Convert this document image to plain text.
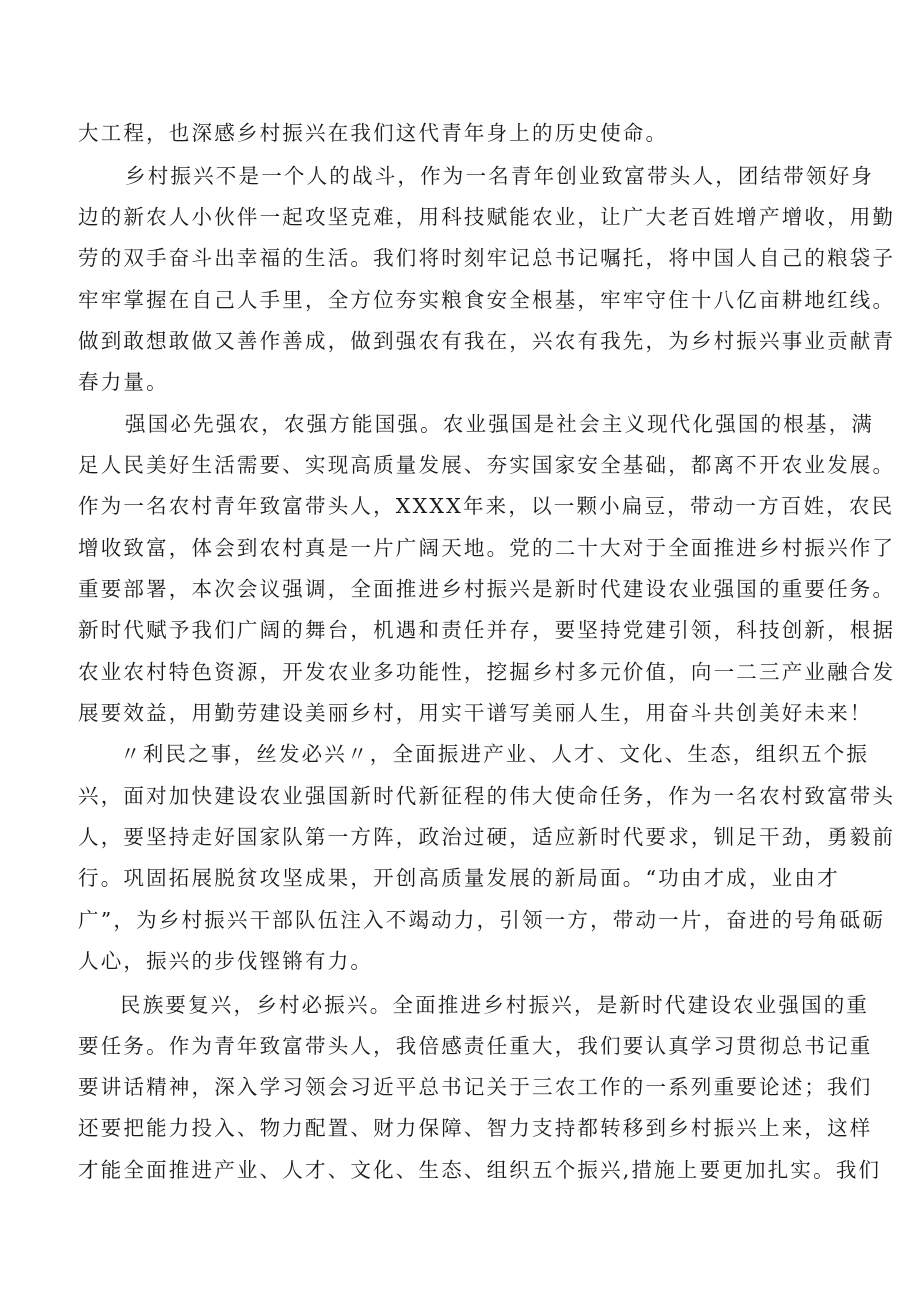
大工程，也深感乡村振兴在我们这代青年身上的历史使命。
乡村振兴不是一个人的战斗，作为一名青年创业致富带头人，团结带领好身
边的新农人小伙伴一起攻坚克难，用科技赋能农业，让广大老百姓增产增收，用勤
劳的双手奋斗出幸福的生活。我们将时刻牢记总书记嘱托，将中国人自己的粮袋子
牢牢掌握在自己人手里，全方位夯实粮食安全根基，牢牢守住十八亿亩耕地红线。
做到敢想敢做又善作善成，做到强农有我在，兴农有我先，为乡村振兴事业贡献青
春力量。
强国必先强农，农强方能国强。农业强国是社会主义现代化强国的根基，满
足人民美好生活需要、实现高质量发展、夯实国家安全基础，都离不开农业发展。
作为一名农村青年致富带头人，XXXX年来，以一颗小扁豆，带动一方百姓，农民
增收致富，体会到农村真是一片广阔天地。党的二十大对于全面推进乡村振兴作了
重要部署，本次会议强调，全面推进乡村振兴是新时代建设农业强国的重要任务。
新时代赋予我们广阔的舞台，机遇和责任并存，要坚持党建引领，科技创新，根据
农业农村特色资源，开发农业多功能性，挖掘乡村多元价值，向一二三产业融合发
展要效益，用勤劳建设美丽乡村，用实干谱写美丽人生，用奋斗共创美好未来！
〃利民之事，丝发必兴〃，全面振进产业、人才、文化、生态，组织五个振
兴，面对加快建设农业强国新时代新征程的伟大使命任务，作为一名农村致富带头
人，要坚持走好国家队第一方阵，政治过硬，适应新时代要求，钏足干劲，勇毅前
行。巩固拓展脱贫攻坚成果，开创高质量发展的新局面。“功由才成，业由才
广”，为乡村振兴干部队伍注入不竭动力，引领一方，带动一片，奋进的号角砥砺
人心，振兴的步伐铿锵有力。
民族要复兴，乡村必振兴。全面推进乡村振兴，是新时代建设农业强国的重
要任务。作为青年致富带头人，我倍感责任重大，我们要认真学习贯彻总书记重
要讲话精神，深入学习领会习近平总书记关于三农工作的一系列重要论述；我们
还要把能力投入、物力配置、财力保障、智力支持都转移到乡村振兴上来，这样
才能全面推进产业、人才、文化、生态、组织五个振兴,措施上要更加扎实。我们
